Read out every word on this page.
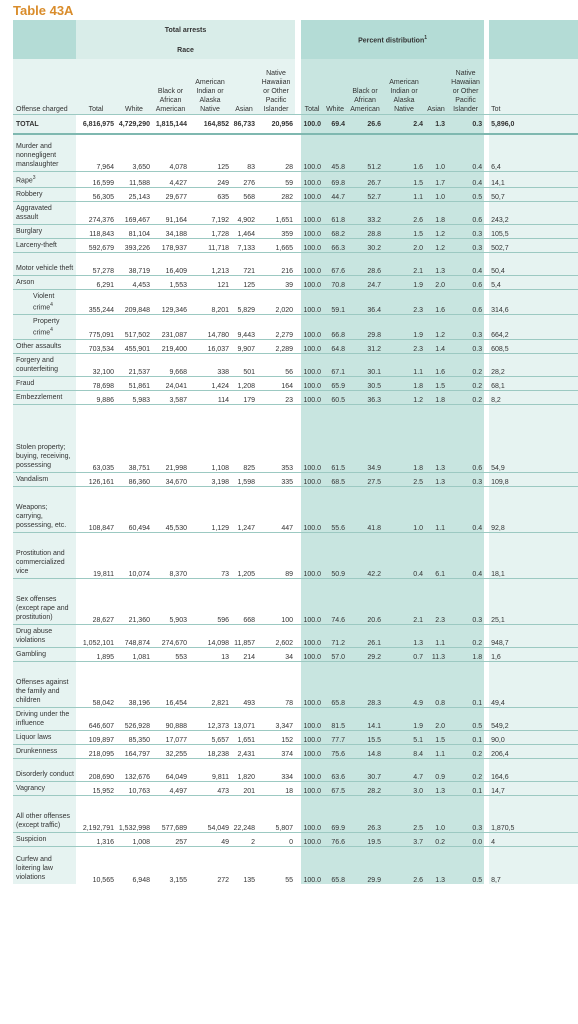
Table 43A
	Total arrests							Percent distribution$^1$		
	Race														
Offense charged	Total	White	Black or African American	American Indian or Alaska Native	Asian	Native Hawaiian or Other Pacific Islander		Total	White	Black or African American	American Indian or Alaska Native	Asian	Native Hawaiian or Other Pacific Islander		Tot
TOTAL	6,816,975	4,729,290	1,815,144	164,852	86,733	20,956		100.0	69.4	26.6	2.4	1.3	0.3		5,896,0
Murder and nonnegligent manslaughter	7,964	3,650	4,078	125	83	28		100.0	45.8	51.2	1.6	1.0	0.4		6,4
Rape$^3$	16,599	11,588	4,427	249	276	59		100.0	69.8	26.7	1.5	1.7	0.4		14,1
Robbery	56,305	25,143	29,677	635	568	282		100.0	44.7	52.7	1.1	1.0	0.5		50,7
Aggravated assault	274,376	169,467	91,164	7,192	4,902	1,651		100.0	61.8	33.2	2.6	1.8	0.6		243,2
Burglary	118,843	81,104	34,188	1,728	1,464	359		100.0	68.2	28.8	1.5	1.2	0.3		105,5
Larceny-theft	592,679	393,226	178,937	11,718	7,133	1,665		100.0	66.3	30.2	2.0	1.2	0.3		502,7
Motor vehicle theft	57,278	38,719	16,409	1,213	721	216		100.0	67.6	28.6	2.1	1.3	0.4		50,4
Arson	6,291	4,453	1,553	121	125	39		100.0	70.8	24.7	1.9	2.0	0.6		5,4
Violent crime$^4$	355,244	209,848	129,346	8,201	5,829	2,020		100.0	59.1	36.4	2.3	1.6	0.6		314,6
Property crime$^4$	775,091	517,502	231,087	14,780	9,443	2,279		100.0	66.8	29.8	1.9	1.2	0.3		664,2
Other assaults	703,534	455,901	219,400	16,037	9,907	2,289		100.0	64.8	31.2	2.3	1.4	0.3		608,5
Forgery and counterfeiting	32,100	21,537	9,668	338	501	56		100.0	67.1	30.1	1.1	1.6	0.2		28,2
Fraud	78,698	51,861	24,041	1,424	1,208	164		100.0	65.9	30.5	1.8	1.5	0.2		68,1
Embezzlement	9,886	5,983	3,587	114	179	23		100.0	60.5	36.3	1.2	1.8	0.2		8,2
Stolen property; buying, receiving, possessing	63,035	38,751	21,998	1,108	825	353		100.0	61.5	34.9	1.8	1.3	0.6		54,9
Vandalism	126,161	86,360	34,670	3,198	1,598	335		100.0	68.5	27.5	2.5	1.3	0.3		109,8
Weapons; carrying, possessing, etc.	108,847	60,494	45,530	1,129	1,247	447		100.0	55.6	41.8	1.0	1.1	0.4		92,8
Prostitution and commercialized vice	19,811	10,074	8,370	73	1,205	89		100.0	50.9	42.2	0.4	6.1	0.4		18,1
Sex offenses (except rape and prostitution)	28,627	21,360	5,903	596	668	100		100.0	74.6	20.6	2.1	2.3	0.3		25,1
Drug abuse violations	1,052,101	748,874	274,670	14,098	11,857	2,602		100.0	71.2	26.1	1.3	1.1	0.2		948,7
Gambling	1,895	1,081	553	13	214	34		100.0	57.0	29.2	0.7	11.3	1.8		1,6
Offenses against the family and children	58,042	38,196	16,454	2,821	493	78		100.0	65.8	28.3	4.9	0.8	0.1		49,4
Driving under the influence	646,607	526,928	90,888	12,373	13,071	3,347		100.0	81.5	14.1	1.9	2.0	0.5		549,2
Liquor laws	109,897	85,350	17,077	5,657	1,651	152		100.0	77.7	15.5	5.1	1.5	0.1		90,0
Drunkenness	218,095	164,797	32,255	18,238	2,431	374		100.0	75.6	14.8	8.4	1.1	0.2		206,4
Disorderly conduct	208,690	132,676	64,049	9,811	1,820	334		100.0	63.6	30.7	4.7	0.9	0.2		164,6
Vagrancy	15,952	10,763	4,497	473	201	18		100.0	67.5	28.2	3.0	1.3	0.1		14,7
All other offenses (except traffic)	2,192,791	1,532,998	577,689	54,049	22,248	5,807		100.0	69.9	26.3	2.5	1.0	0.3		1,870,5
Suspicion	1,316	1,008	257	49	2	0		100.0	76.6	19.5	3.7	0.2	0.0		4
Curfew and loitering law violations	10,565	6,948	3,155	272	135	55		100.0	65.8	29.9	2.6	1.3	0.5		8,7
